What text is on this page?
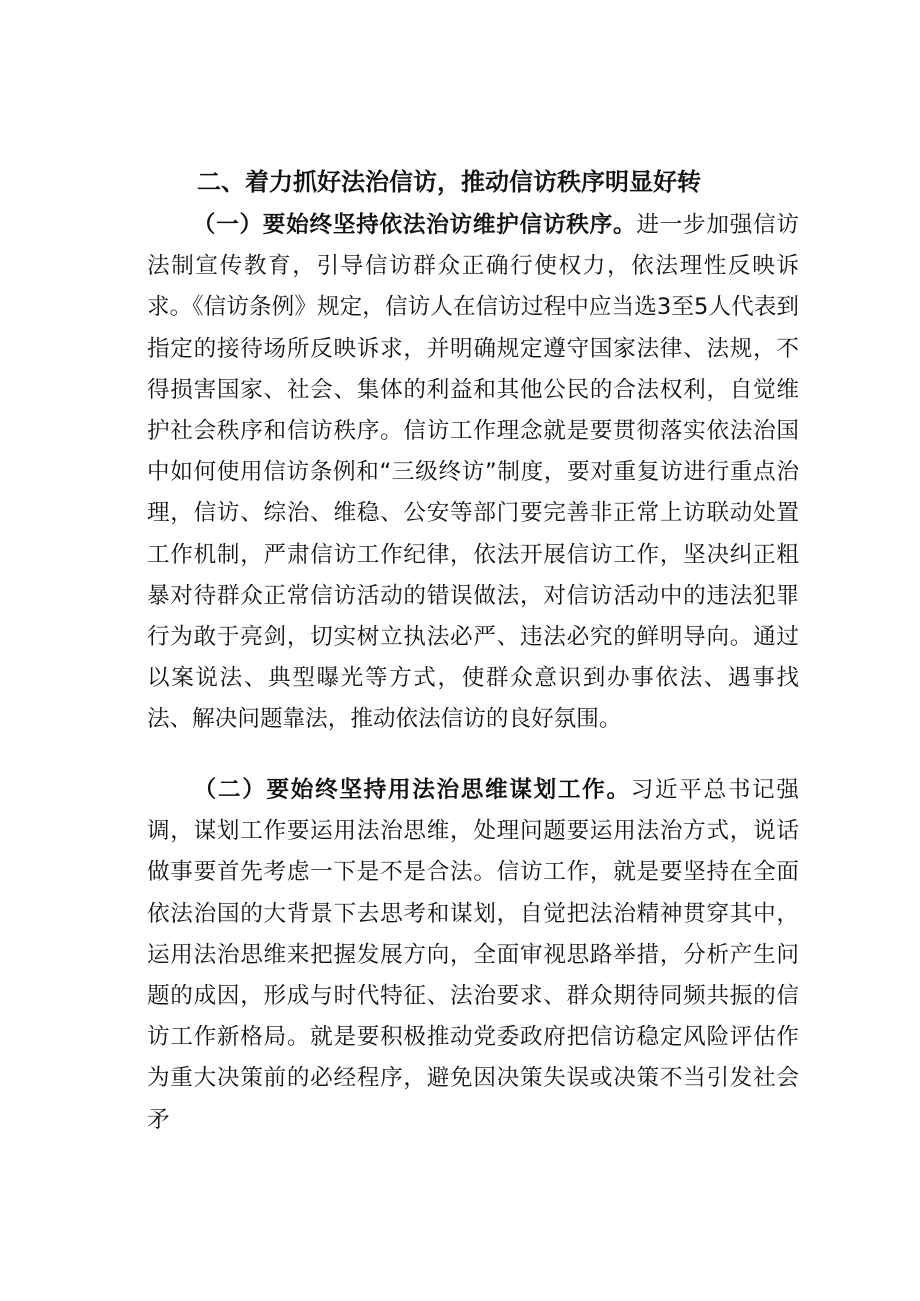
二、着力抓好法治信访，推动信访秩序明显好转

（一）要始终坚持依法治访维护信访秩序。进一步加强信访法制宣传教育，引导信访群众正确行使权力，依法理性反映诉求。《信访条例》规定，信访人在信访过程中应当选3至5人代表到指定的接待场所反映诉求，并明确规定遵守国家法律、法规，不得损害国家、社会、集体的利益和其他公民的合法权利，自觉维护社会秩序和信访秩序。信访工作理念就是要贯彻落实依法治国中如何使用信访条例和“三级终访”制度，要对重复访进行重点治理，信访、综治、维稳、公安等部门要完善非正常上访联动处置工作机制，严肃信访工作纪律，依法开展信访工作，坚决纠正粗暴对待群众正常信访活动的错误做法，对信访活动中的违法犯罪行为敢于亮剑，切实树立执法必严、违法必究的鲜明导向。通过以案说法、典型曝光等方式，使群众意识到办事依法、遇事找法、解决问题靠法，推动依法信访的良好氛围。

（二）要始终坚持用法治思维谋划工作。习近平总书记强调，谋划工作要运用法治思维，处理问题要运用法治方式，说话做事要首先考虑一下是不是合法。信访工作，就是要坚持在全面依法治国的大背景下去思考和谋划，自觉把法治精神贯穿其中，运用法治思维来把握发展方向，全面审视思路举措，分析产生问题的成因，形成与时代特征、法治要求、群众期待同频共振的信访工作新格局。就是要积极推动党委政府把信访稳定风险评估作为重大决策前的必经程序，避免因决策失误或决策不当引发社会矛
